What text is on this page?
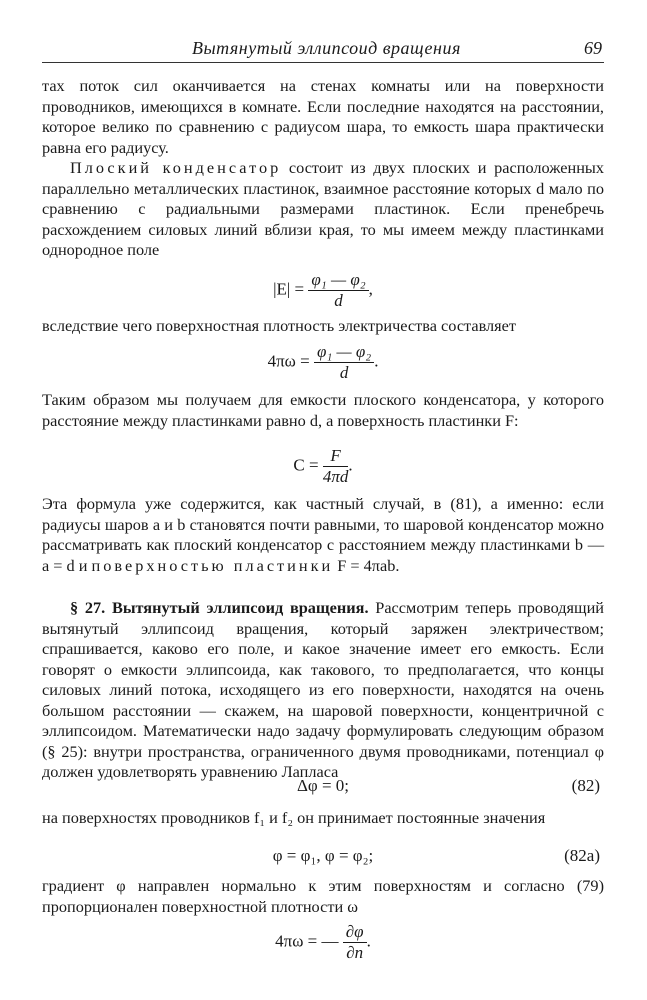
Вытянутый эллипсоид вращения	69

тах поток сил оканчивается на стенах комнаты или на поверхности проводников, имеющихся в комнате. Если последние находятся на расстоянии, которое велико по сравнению с радиусом шара, то емкость шара практически равна его радиусу.

Плоский конденсатор состоит из двух плоских и расположенных параллельно металлических пластинок, взаимное расстояние которых d мало по сравнению с радиальными размерами пластинок. Если пренебречь расхождением силовых линий вблизи края, то мы имеем между пластинками однородное поле

$|E| = \frac{\text{φ₁ — φ₂}}{d}$ ,

вследствие чего поверхностная плотность электричества составляет

$4\pi\omega = \frac{\text{φ₁ — φ₂}}{d}$ .

Таким образом мы получаем для емкости плоского конденсатора, у которого расстояние между пластинками равно d, а поверхность пластинки F:

$C = \frac{F}{4\pi d}$ .

Эта формула уже содержится, как частный случай, в (81), а именно: если радиусы шаров a и b становятся почти равными, то шаровой конденсатор можно рассматривать как плоский конденсатор с расстоянием между пластинками b — a = d и поверхностью пластинки F = 4πab.

§ 27. Вытянутый эллипсоид вращения. Рассмотрим теперь проводящий вытянутый эллипсоид вращения, который заряжен электричеством; спрашивается, каково его поле, и какое значение имеет его емкость. Если говорят о емкости эллипсоида, как такового, то предполагается, что концы силовых линий потока, исходящего из его поверхности, находятся на очень большом расстоянии — скажем, на шаровой поверхности, концентричной с эллипсоидом. Математически надо задачу формулировать следующим образом (§ 25): внутри пространства, ограниченного двумя проводниками, потенциал φ должен удовлетворять уравнению Лапласа

Δφ = 0;	(82)

на поверхностях проводников f₁ и f₂ он принимает постоянные значения

φ = φ₁, φ = φ₂;	(82a)

градиент φ направлен нормально к этим поверхностям и согласно (79) пропорционален поверхностной плотности ω

4πω = — $\frac{\partial\varphi}{\partial n}$ .
